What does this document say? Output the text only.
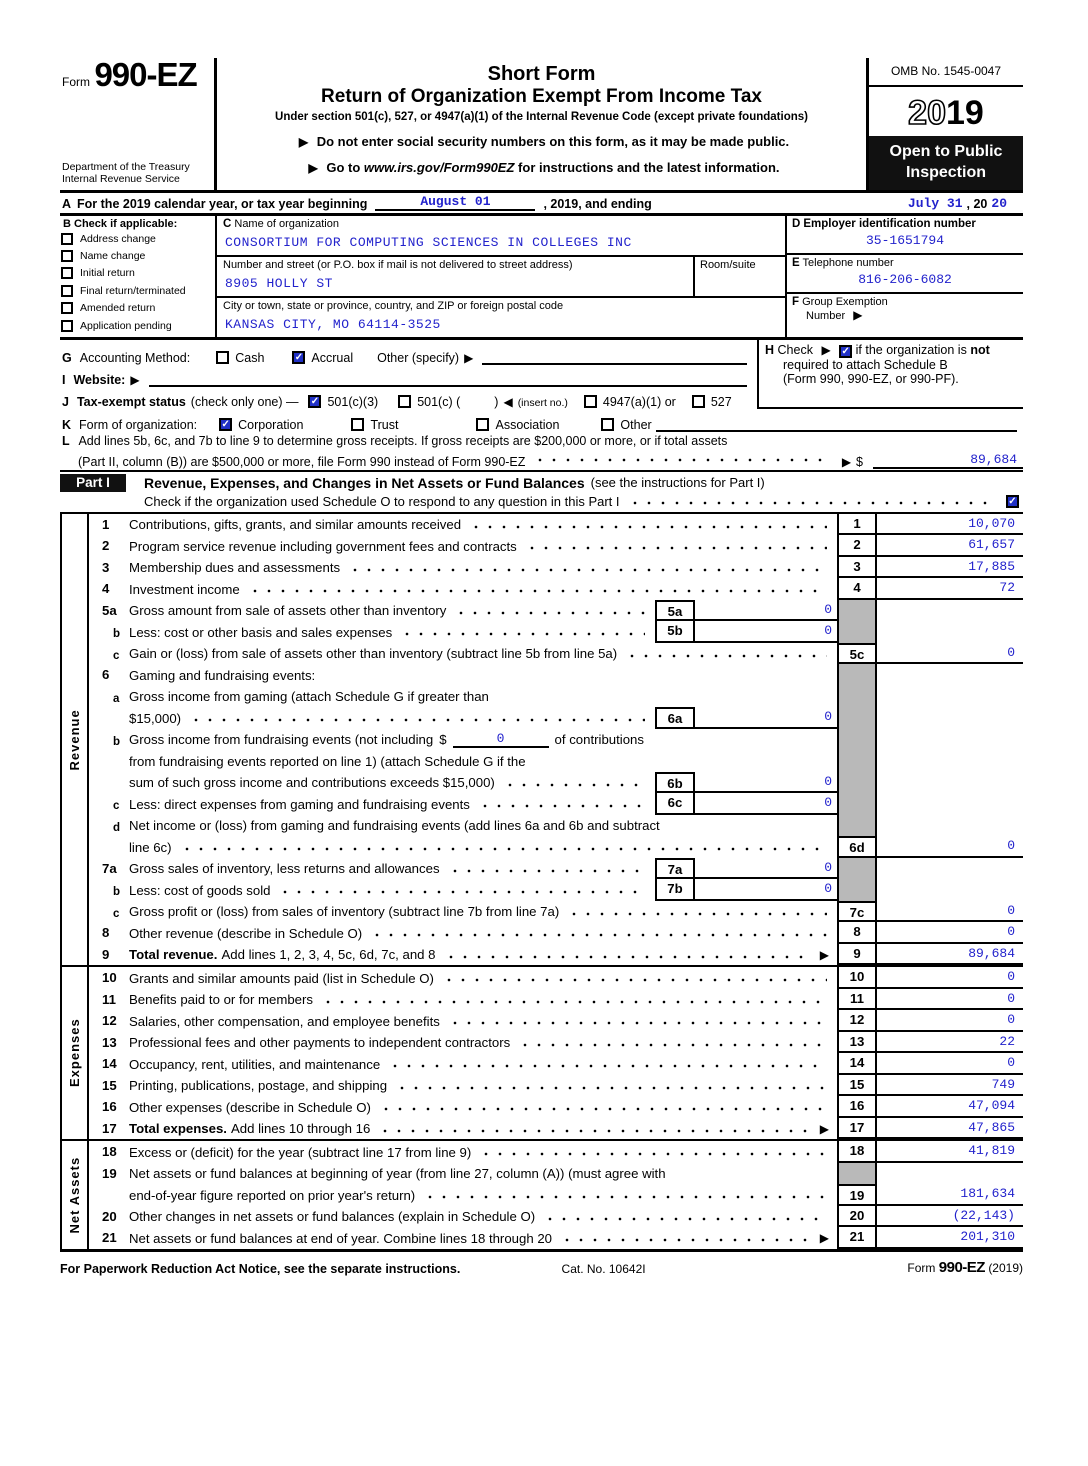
Form 990-EZ
Department of the Treasury
Internal Revenue Service
Short Form
Return of Organization Exempt From Income Tax
Under section 501(c), 527, or 4947(a)(1) of the Internal Revenue Code (except private foundations)
▶ Do not enter social security numbers on this form, as it may be made public.
▶ Go to www.irs.gov/Form990EZ for instructions and the latest information.
OMB No. 1545-0047
2019
Open to Public
Inspection
A For the 2019 calendar year, or tax year beginning	August 01	, 2019, and ending	July 31 , 20 20
B Check if applicable:
Address change
Name change
Initial return
Final return/terminated
Amended return
Application pending
C Name of organization
CONSORTIUM FOR COMPUTING SCIENCES IN COLLEGES INC
Number and street (or P.O. box if mail is not delivered to street address)
8905 HOLLY ST
Room/suite
City or town, state or province, country, and ZIP or foreign postal code
KANSAS CITY, MO 64114-3525
D Employer identification number
35-1651794
E Telephone number
816-206-6082
F Group Exemption
Number ▶
G Accounting Method:	Cash	✓ Accrual Other (specify) ▶
I Website: ▶
J Tax-exempt status (check only one) — ✓ 501(c)(3)	501(c) (	) ◀ (insert no.)	4947(a)(1) or	527
H Check ▶ ✓ if the organization is not
required to attach Schedule B
(Form 990, 990-EZ, or 990-PF).
K Form of organization: ✓ Corporation	Trust	Association	Other
L Add lines 5b, 6c, and 7b to line 9 to determine gross receipts. If gross receipts are $200,000 or more, or if total assets
(Part II, column (B)) are $500,000 or more, file Form 990 instead of Form 990-EZ	▶ $	89,684
Part I	Revenue, Expenses, and Changes in Net Assets or Fund Balances (see the instructions for Part I)
Check if the organization used Schedule O to respond to any question in this Part I	✓
Revenue
1	Contributions, gifts, grants, and similar amounts received	1	10,070
2	Program service revenue including government fees and contracts	2	61,657
3	Membership dues and assessments	3	17,885
4	Investment income	4	72
5a Gross amount from sale of assets other than inventory	5a	0
b Less: cost or other basis and sales expenses	5b	0
c Gain or (loss) from sale of assets other than inventory (subtract line 5b from line 5a)	5c	0
6	Gaming and fundraising events:
a Gross income from gaming (attach Schedule G if greater than
$15,000)	6a	0
b Gross income from fundraising events (not including $	0	of contributions
from fundraising events reported on line 1) (attach Schedule G if the
sum of such gross income and contributions exceeds $15,000)	6b	0
c Less: direct expenses from gaming and fundraising events	6c	0
d Net income or (loss) from gaming and fundraising events (add lines 6a and 6b and subtract
line 6c)	6d	0
7a Gross sales of inventory, less returns and allowances	7a	0
b Less: cost of goods sold	7b	0
c Gross profit or (loss) from sales of inventory (subtract line 7b from line 7a)	7c	0
8	Other revenue (describe in Schedule O)	8	0
9	Total revenue. Add lines 1, 2, 3, 4, 5c, 6d, 7c, and 8	▶	9	89,684
Expenses
10 Grants and similar amounts paid (list in Schedule O)	10	0
11 Benefits paid to or for members	11	0
12 Salaries, other compensation, and employee benefits	12	0
13 Professional fees and other payments to independent contractors	13	22
14 Occupancy, rent, utilities, and maintenance	14	0
15 Printing, publications, postage, and shipping	15	749
16 Other expenses (describe in Schedule O)	16	47,094
17 Total expenses. Add lines 10 through 16	▶	17	47,865
Net Assets
18 Excess or (deficit) for the year (subtract line 17 from line 9)	18	41,819
19 Net assets or fund balances at beginning of year (from line 27, column (A)) (must agree with
end-of-year figure reported on prior year's return)	19	181,634
20 Other changes in net assets or fund balances (explain in Schedule O)	20	(22,143)
21 Net assets or fund balances at end of year. Combine lines 18 through 20	▶	21	201,310
For Paperwork Reduction Act Notice, see the separate instructions.	Cat. No. 10642I	Form 990-EZ (2019)
